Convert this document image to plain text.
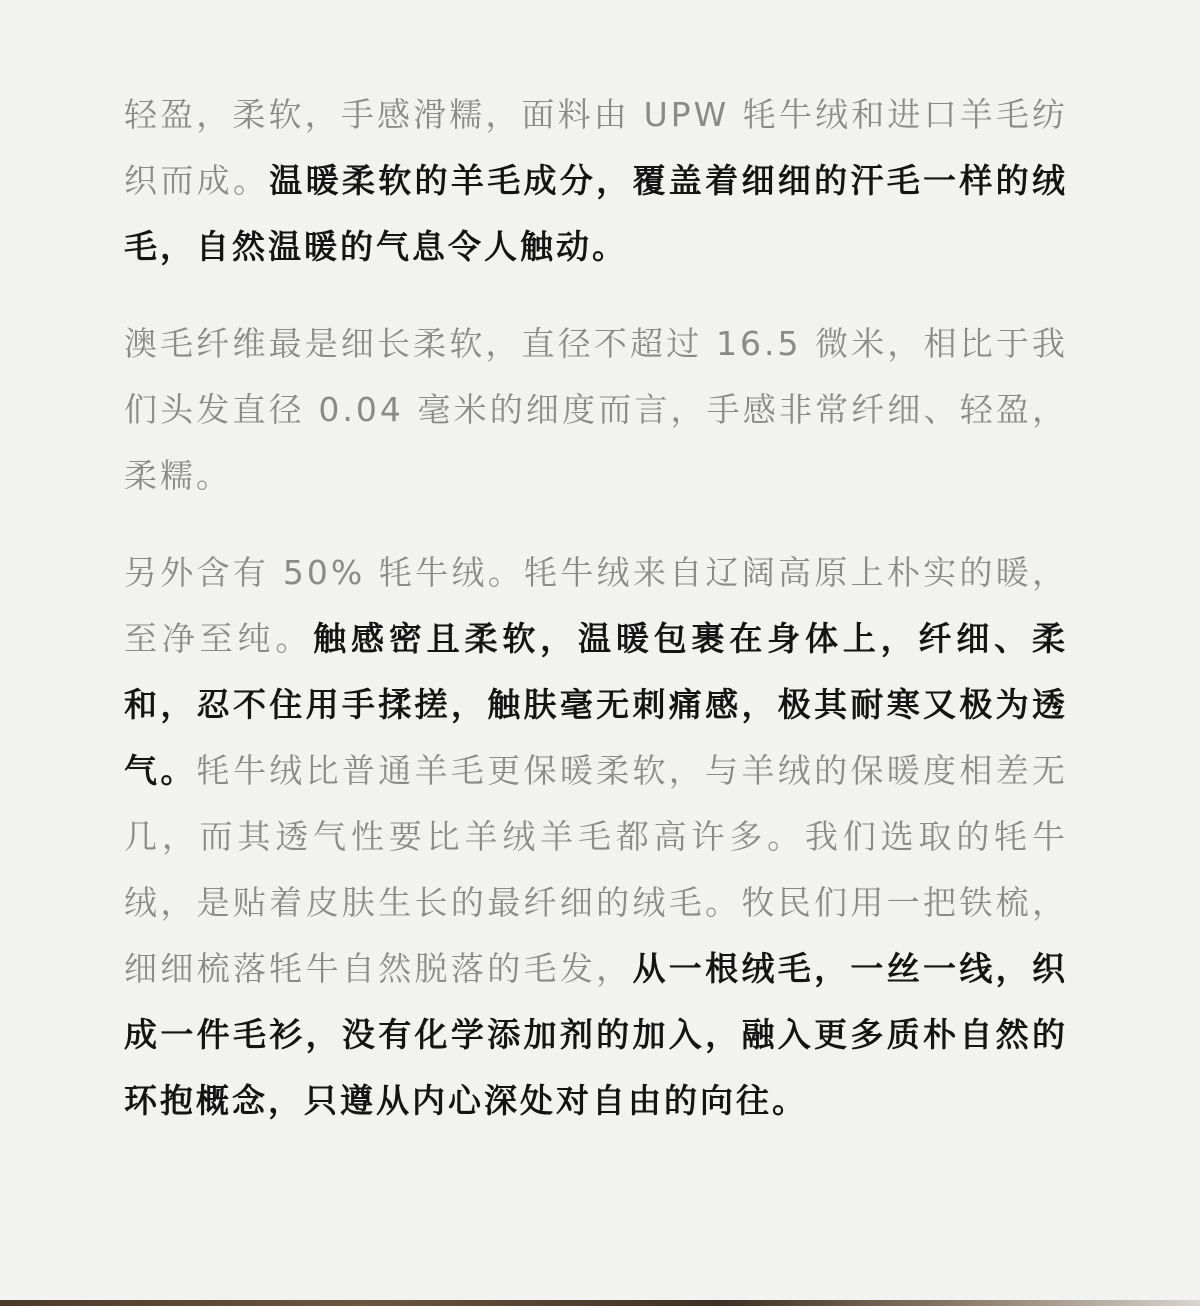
轻盈，柔软，手感滑糯，面料由 UPW 牦牛绒和进口羊毛纺织而成。温暖柔软的羊毛成分，覆盖着细细的汗毛一样的绒毛，自然温暖的气息令人触动。

澳毛纤维最是细长柔软，直径不超过 16.5 微米，相比于我们头发直径 0.04 毫米的细度而言，手感非常纤细、轻盈，柔糯。

另外含有 50% 牦牛绒。牦牛绒来自辽阔高原上朴实的暖，至净至纯。触感密且柔软，温暖包裹在身体上，纤细、柔和，忍不住用手揉搓，触肤毫无刺痛感，极其耐寒又极为透气。牦牛绒比普通羊毛更保暖柔软，与羊绒的保暖度相差无几，而其透气性要比羊绒羊毛都高许多。我们选取的牦牛绒，是贴着皮肤生长的最纤细的绒毛。牧民们用一把铁梳，细细梳落牦牛自然脱落的毛发，从一根绒毛，一丝一线，织成一件毛衫，没有化学添加剂的加入，融入更多质朴自然的环抱概念，只遵从内心深处对自由的向往。
